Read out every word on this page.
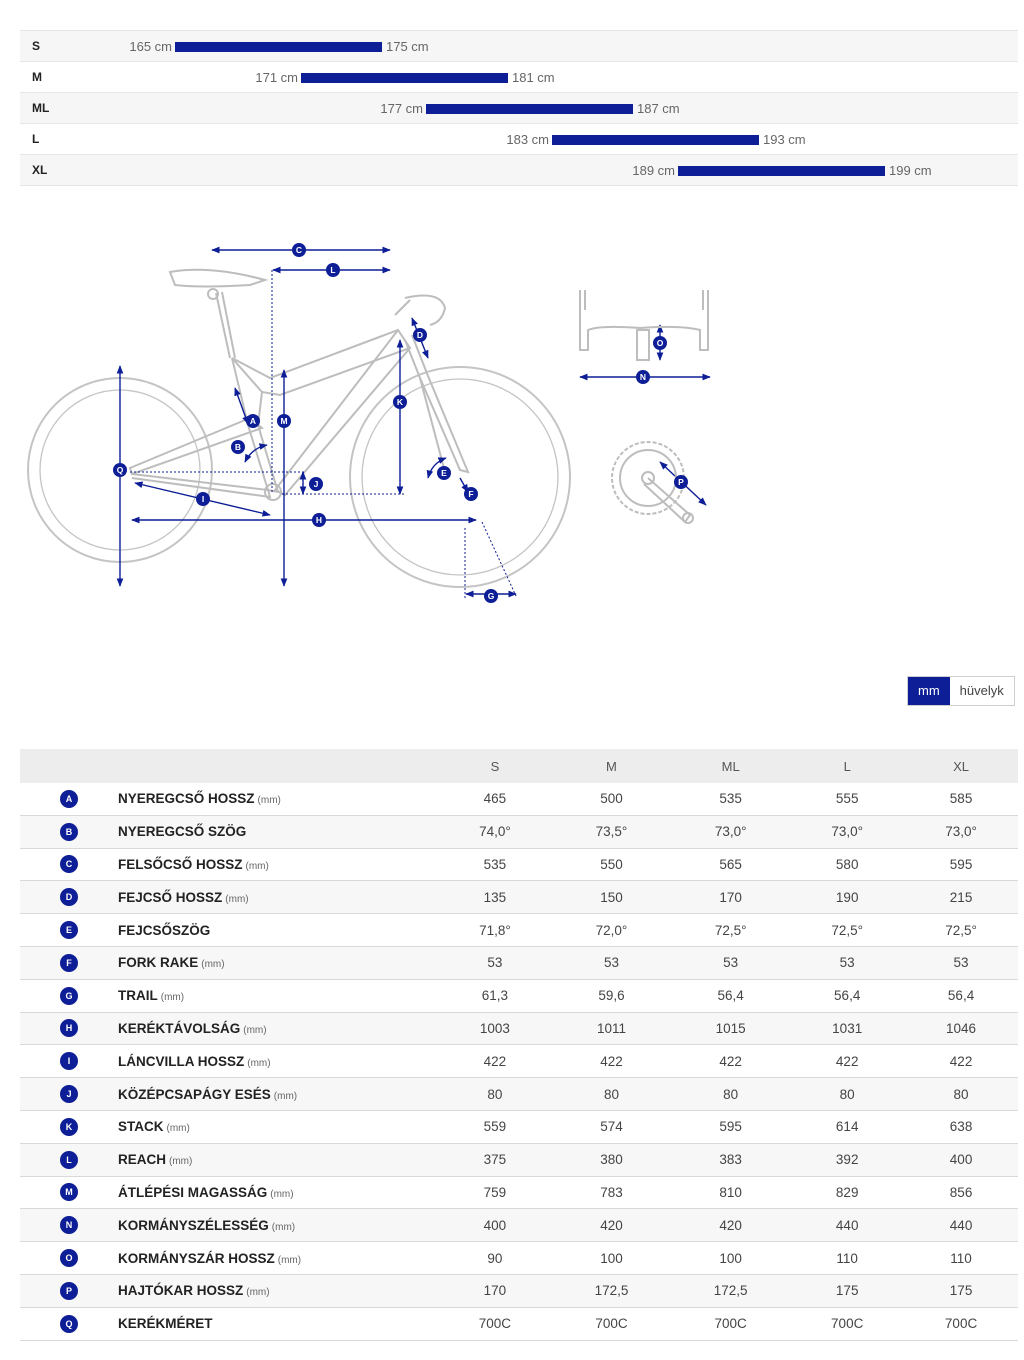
S	165 cm	175 cm
M	171 cm	181 cm
ML	177 cm	187 cm
L	183 cm	193 cm
XL	189 cm	199 cm
C
L
D
K
A	M
B
E
Q
J
F
I
H
G
O
N
P
mm	hüvelyk
		S	M	ML	L	XL
A	NYEREGCSŐ HOSSZ (mm)	465	500	535	555	585
B	NYEREGCSŐ SZÖG	74,0°	73,5°	73,0°	73,0°	73,0°
C	FELSŐCSŐ HOSSZ (mm)	535	550	565	580	595
D	FEJCSŐ HOSSZ (mm)	135	150	170	190	215
E	FEJCSŐSZÖG	71,8°	72,0°	72,5°	72,5°	72,5°
F	FORK RAKE (mm)	53	53	53	53	53
G	TRAIL (mm)	61,3	59,6	56,4	56,4	56,4
H	KERÉKTÁVOLSÁG (mm)	1003	1011	1015	1031	1046
I	LÁNCVILLA HOSSZ (mm)	422	422	422	422	422
J	KÖZÉPCSAPÁGY ESÉS (mm)	80	80	80	80	80
K	STACK (mm)	559	574	595	614	638
L	REACH (mm)	375	380	383	392	400
M	ÁTLÉPÉSI MAGASSÁG (mm)	759	783	810	829	856
N	KORMÁNYSZÉLESSÉG (mm)	400	420	420	440	440
O	KORMÁNYSZÁR HOSSZ (mm)	90	100	100	110	110
P	HAJTÓKAR HOSSZ (mm)	170	172,5	172,5	175	175
Q	KERÉKMÉRET	700C	700C	700C	700C	700C
